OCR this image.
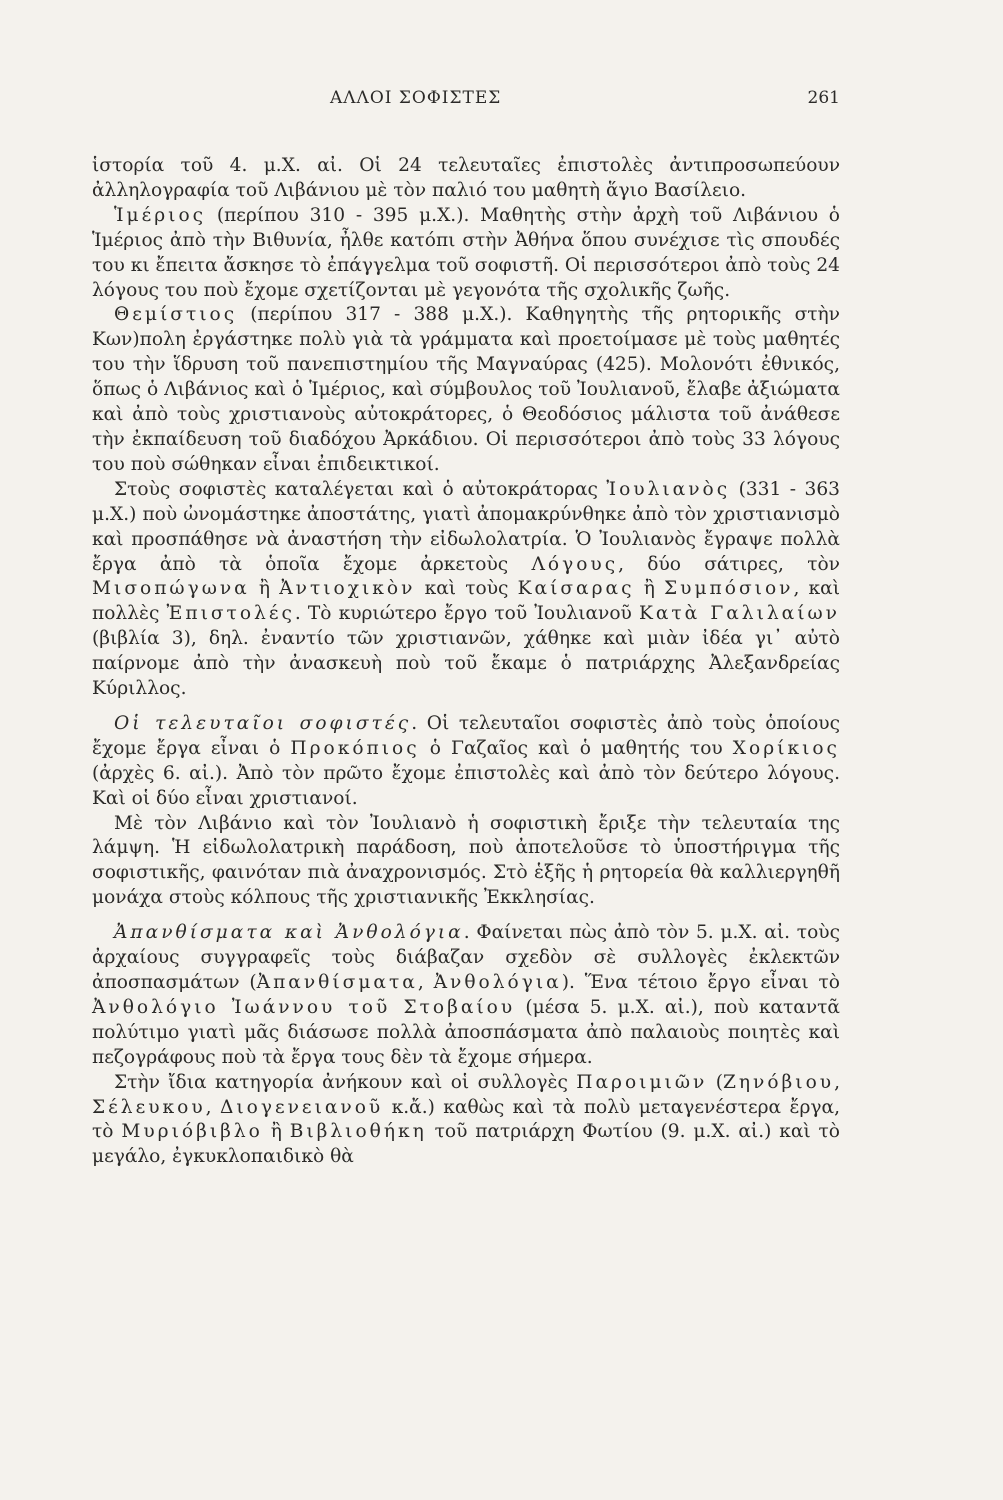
ΑΛΛΟΙ ΣΟΦΙΣΤΕΣ	261

ἱστορία τοῦ 4. μ.Χ. αἰ. Οἱ 24 τελευταῖες ἐπιστολὲς ἀντιπροσωπεύουν ἀλληλογραφία τοῦ Λιβάνιου μὲ τὸν παλιό του μαθητὴ ἅγιο Βασίλειο.

Ἱμέριος (περίπου 310 - 395 μ.Χ.). Μαθητὴς στὴν ἀρχὴ τοῦ Λιβάνιου ὁ Ἱμέριος ἀπὸ τὴν Βιθυνία, ἦλθε κατόπι στὴν Ἀθήνα ὅπου συνέχισε τὶς σπουδές του κι ἔπειτα ἄσκησε τὸ ἐπάγγελμα τοῦ σοφιστῆ. Οἱ περισσότεροι ἀπὸ τοὺς 24 λόγους του ποὺ ἔχομε σχετίζονται μὲ γεγονότα τῆς σχολικῆς ζωῆς.

Θεμίστιος (περίπου 317 - 388 μ.Χ.). Καθηγητὴς τῆς ρητορικῆς στὴν Κων)πολη ἐργάστηκε πολὺ γιὰ τὰ γράμματα καὶ προετοίμασε μὲ τοὺς μαθητές του τὴν ἵδρυση τοῦ πανεπιστημίου τῆς Μαγναύρας (425). Μολονότι ἐθνικός, ὅπως ὁ Λιβάνιος καὶ ὁ Ἱμέριος, καὶ σύμβουλος τοῦ Ἰουλιανοῦ, ἔλαβε ἀξιώματα καὶ ἀπὸ τοὺς χριστιανοὺς αὐτοκράτορες, ὁ Θεοδόσιος μάλιστα τοῦ ἀνάθεσε τὴν ἐκπαίδευση τοῦ διαδόχου Ἀρκάδιου. Οἱ περισσότεροι ἀπὸ τοὺς 33 λόγους του ποὺ σώθηκαν εἶναι ἐπιδεικτικοί.

Στοὺς σοφιστὲς καταλέγεται καὶ ὁ αὐτοκράτορας Ἰουλιανὸς (331 - 363 μ.Χ.) ποὺ ὠνομάστηκε ἀποστάτης, γιατὶ ἀπομακρύνθηκε ἀπὸ τὸν χριστιανισμὸ καὶ προσπάθησε νὰ ἀναστήση τὴν εἰδωλολατρία. Ὁ Ἰουλιανὸς ἔγραψε πολλὰ ἔργα ἀπὸ τὰ ὁποῖα ἔχομε ἀρκετοὺς Λόγους, δύο σάτιρες, τὸν Μισοπώγωνα ἢ Ἀντιοχικὸν καὶ τοὺς Καίσαρας ἢ Συμπόσιον, καὶ πολλὲς Ἐπιστολές. Τὸ κυριώτερο ἔργο τοῦ Ἰουλιανοῦ Κατὰ Γαλιλαίων (βιβλία 3), δηλ. ἐναντίο τῶν χριστιανῶν, χάθηκε καὶ μιὰν ἰδέα γι᾽ αὐτὸ παίρνομε ἀπὸ τὴν ἀνασκευὴ ποὺ τοῦ ἔκαμε ὁ πατριάρχης Ἀλεξανδρείας Κύριλλος.

Οἱ τελευταῖοι σοφιστές. Οἱ τελευταῖοι σοφιστὲς ἀπὸ τοὺς ὁποίους ἔχομε ἔργα εἶναι ὁ Προκόπιος ὁ Γαζαῖος καὶ ὁ μαθητής του Χορίκιος (ἀρχὲς 6. αἰ.). Ἀπὸ τὸν πρῶτο ἔχομε ἐπιστολὲς καὶ ἀπὸ τὸν δεύτερο λόγους. Καὶ οἱ δύο εἶναι χριστιανοί.

Μὲ τὸν Λιβάνιο καὶ τὸν Ἰουλιανὸ ἡ σοφιστικὴ ἔριξε τὴν τελευταία της λάμψη. Ἡ εἰδωλολατρικὴ παράδοση, ποὺ ἀποτελοῦσε τὸ ὑποστήριγμα τῆς σοφιστικῆς, φαινόταν πιὰ ἀναχρονισμός. Στὸ ἑξῆς ἡ ρητορεία θὰ καλλιεργηθῆ μονάχα στοὺς κόλπους τῆς χριστιανικῆς Ἐκκλησίας.

Ἀπανθίσματα καὶ Ἀνθολόγια. Φαίνεται πὼς ἀπὸ τὸν 5. μ.Χ. αἰ. τοὺς ἀρχαίους συγγραφεῖς τοὺς διάβαζαν σχεδὸν σὲ συλλογὲς ἐκλεκτῶν ἀποσπασμάτων (Ἀπανθίσματα, Ἀνθολόγια). Ἕνα τέτοιο ἔργο εἶναι τὸ Ἀνθολόγιο Ἰωάννου τοῦ Στοβαίου (μέσα 5. μ.Χ. αἰ.), ποὺ καταντᾶ πολύτιμο γιατὶ μᾶς διάσωσε πολλὰ ἀποσπάσματα ἀπὸ παλαιοὺς ποιητὲς καὶ πεζογράφους ποὺ τὰ ἔργα τους δὲν τὰ ἔχομε σήμερα.

Στὴν ἴδια κατηγορία ἀνήκουν καὶ οἱ συλλογὲς Παροιμιῶν (Ζηνόβιου, Σέλευκου, Διογενειανοῦ κ.ἄ.) καθὼς καὶ τὰ πολὺ μεταγενέστερα ἔργα, τὸ Μυριόβιβλο ἢ Βιβλιοθήκη τοῦ πατριάρχη Φωτίου (9. μ.Χ. αἰ.) καὶ τὸ μεγάλο, ἐγκυκλοπαιδικὸ θὰ
